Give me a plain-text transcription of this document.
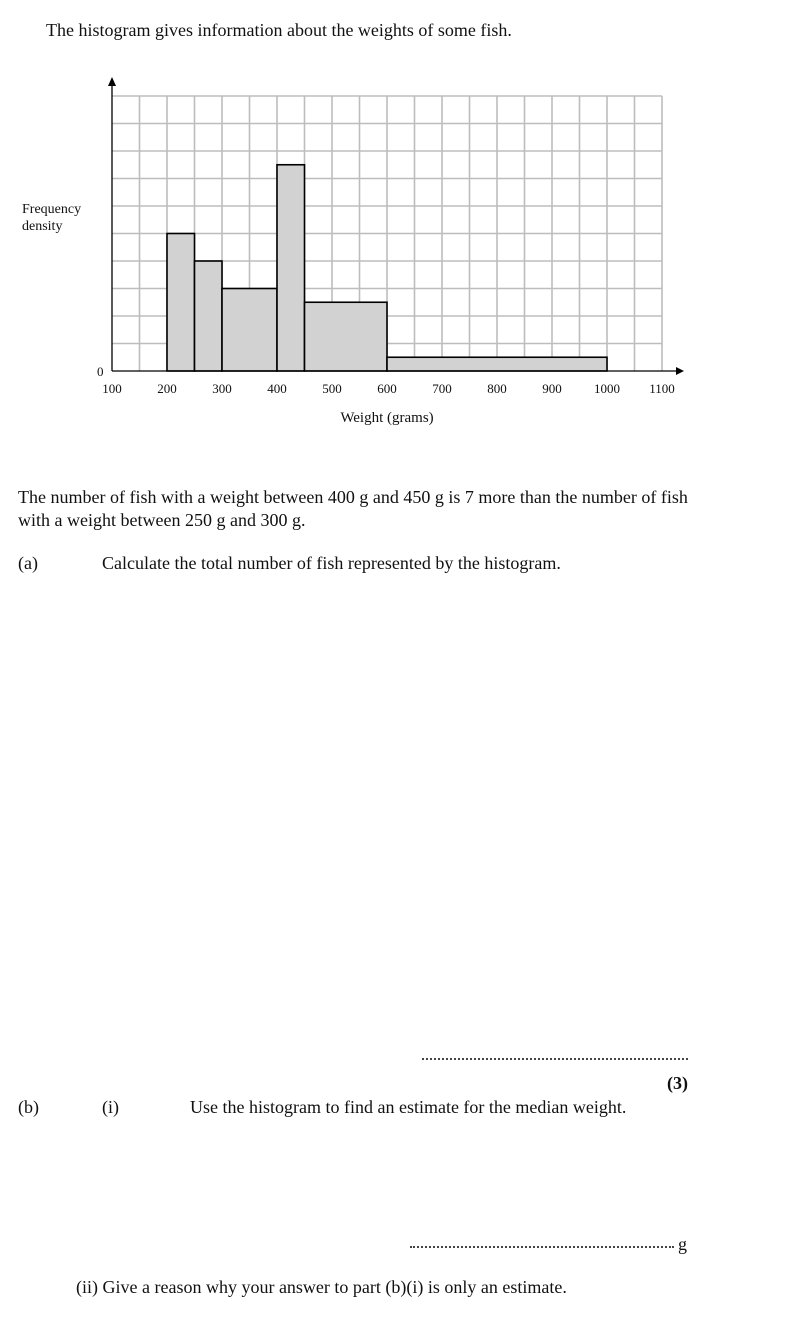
The histogram gives information about the weights of some fish.
100	200	300	400	500	600	700	800	900 1000 1100
Frequency
density
0
Weight (grams)
The number of fish with a weight between 400 g and 450 g is 7 more than the number of fish with a weight between 250 g and 300 g.
(a)	Calculate the total number of fish represented by the histogram.
(3)
(b)	(i)	Use the histogram to find an estimate for the median weight.
g
(ii) Give a reason why your answer to part (b)(i) is only an estimate.
